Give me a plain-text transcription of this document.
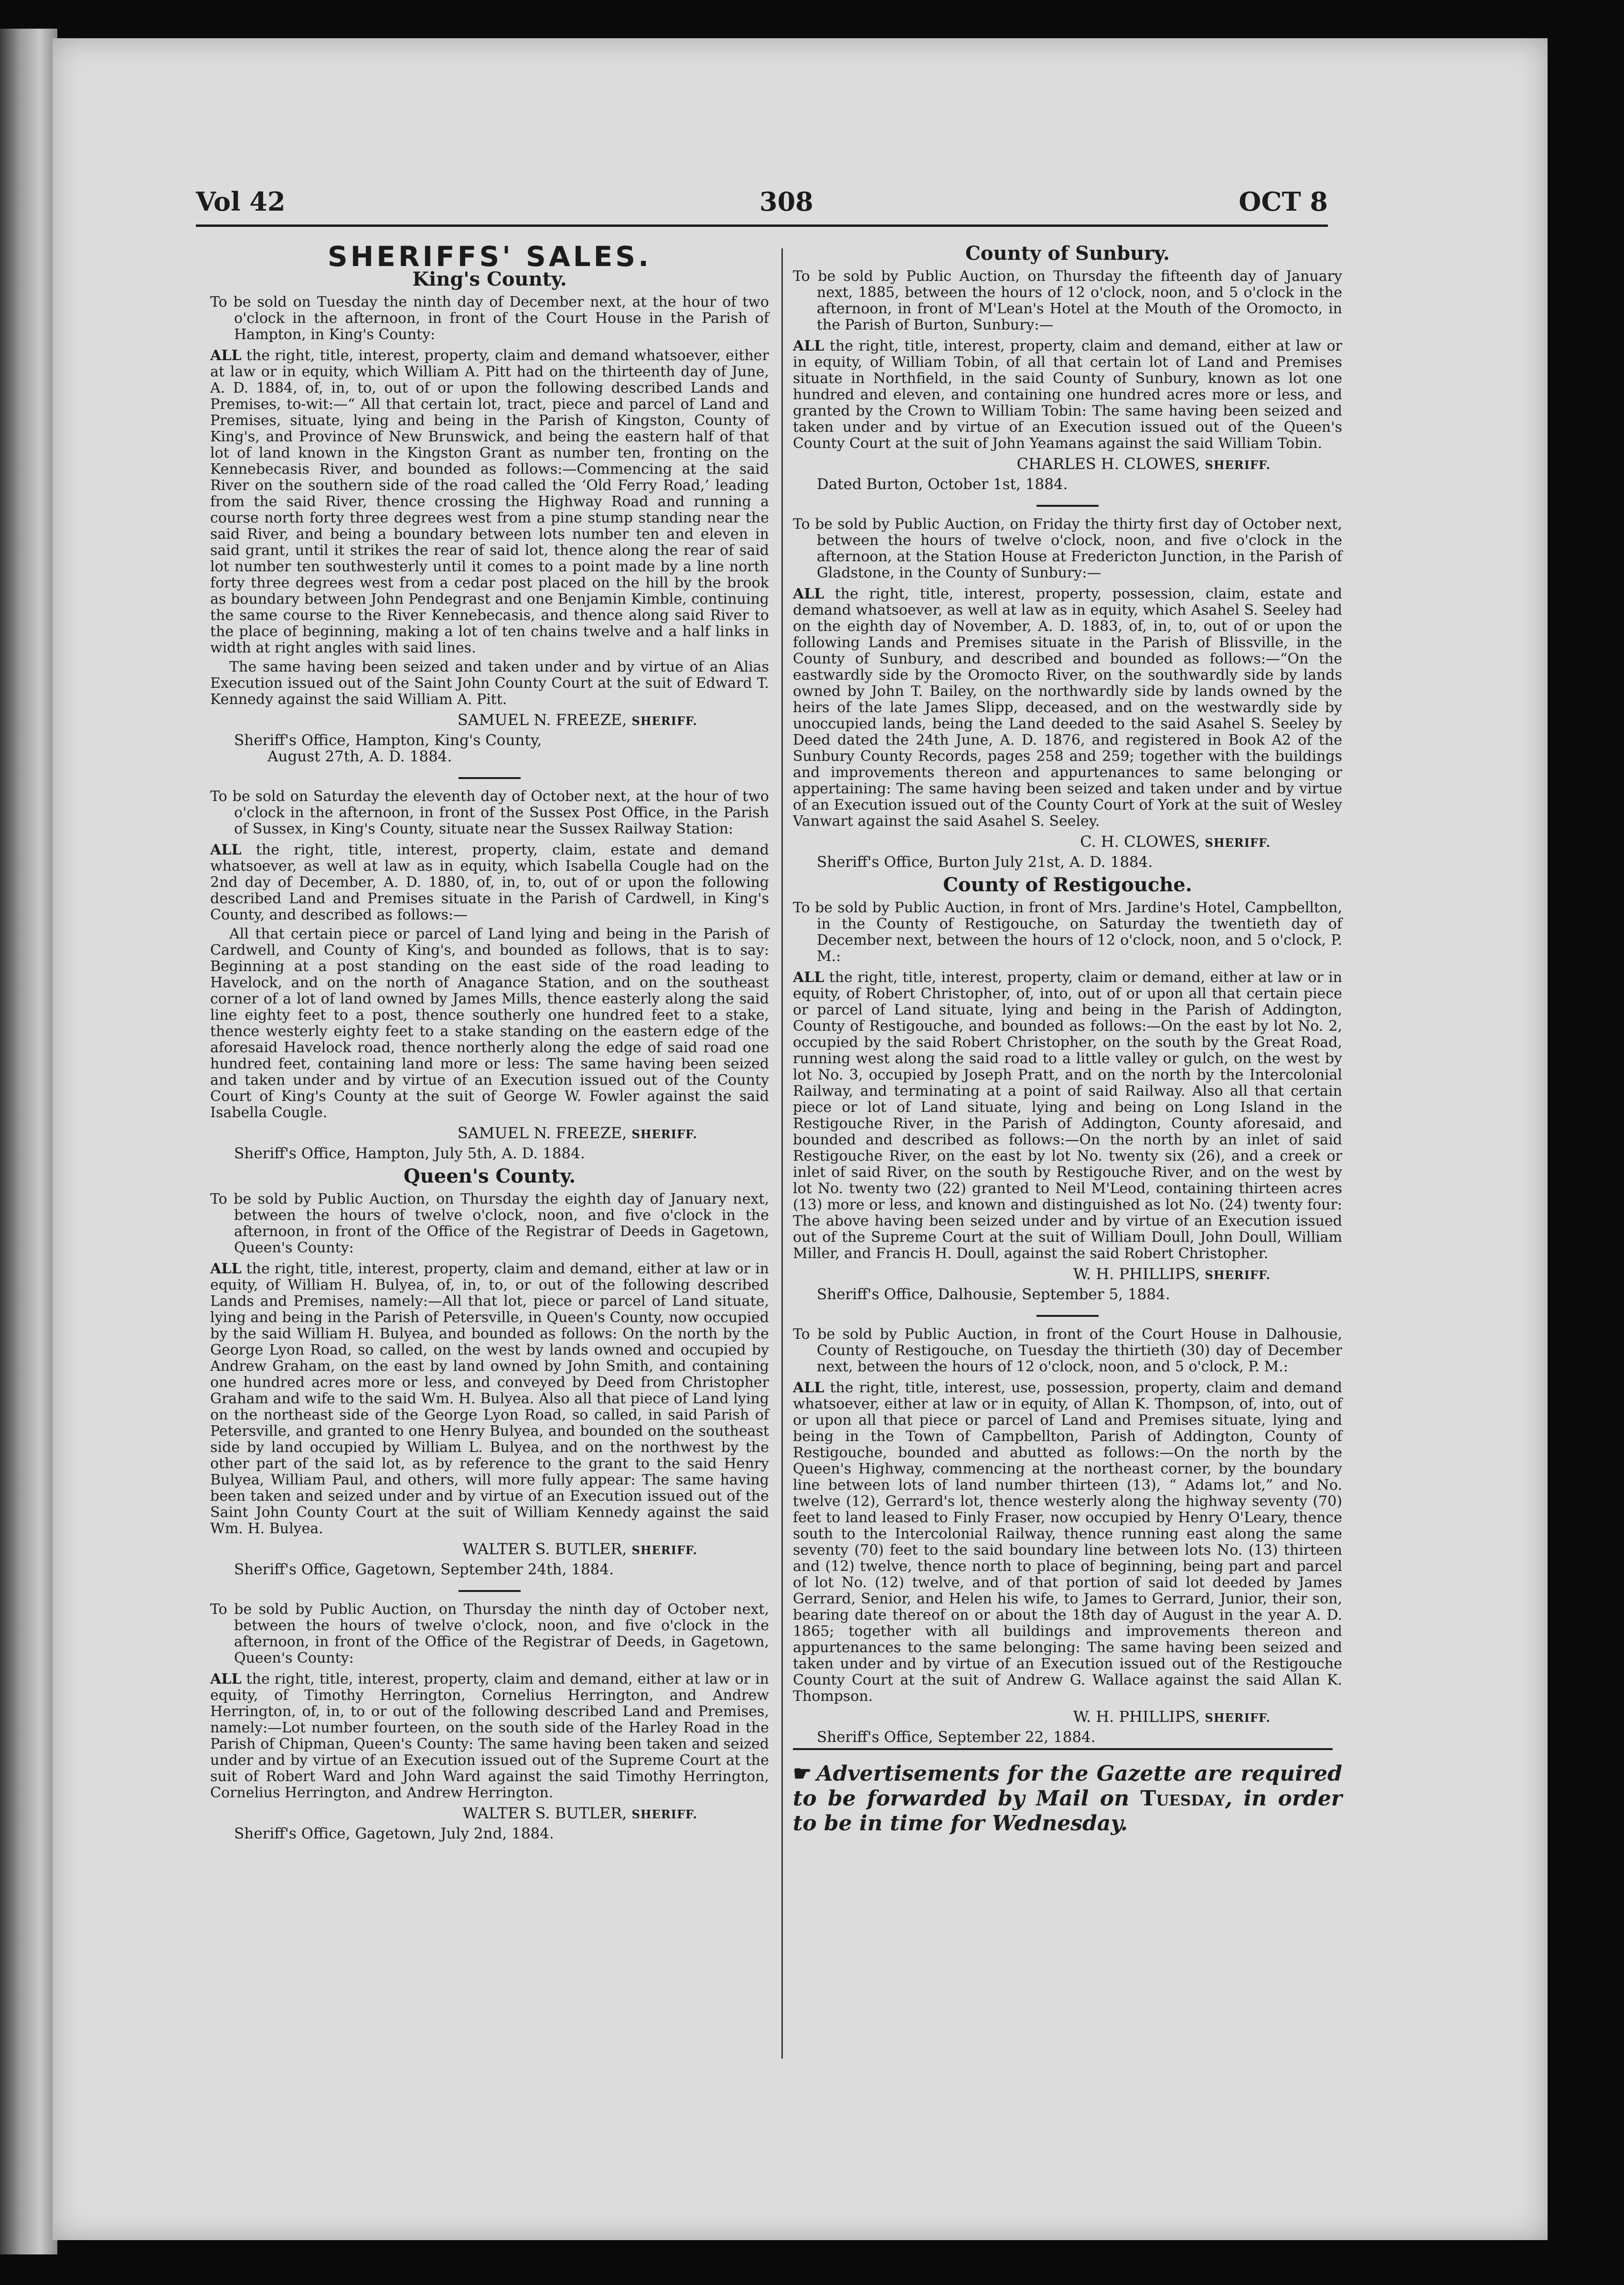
Vol 42	308	OCT 8
SHERIFFS' SALES.
King's County.

To be sold on Tuesday the ninth day of December next, at the hour of two o'clock in the afternoon, in front of the Court House in the Parish of Hampton, in King's County:

ALL the right, title, interest, property, claim and demand whatsoever, either at law or in equity, which William A. Pitt had on the thirteenth day of June, A. D. 1884, of, in, to, out of or upon the following described Lands and Premises, to-wit:—“ All that certain lot, tract, piece and parcel of Land and Premises, situate, lying and being in the Parish of Kingston, County of King's, and Province of New Brunswick, and being the eastern half of that lot of land known in the Kingston Grant as number ten, fronting on the Kennebecasis River, and bounded as follows:—Commencing at the said River on the southern side of the road called the ‘Old Ferry Road,’ leading from the said River, thence crossing the Highway Road and running a course north forty three degrees west from a pine stump standing near the said River, and being a boundary between lots number ten and eleven in said grant, until it strikes the rear of said lot, thence along the rear of said lot number ten southwesterly until it comes to a point made by a line north forty three degrees west from a cedar post placed on the hill by the brook as boundary between John Pendegrast and one Benjamin Kimble, continuing the same course to the River Kennebecasis, and thence along said River to the place of beginning, making a lot of ten chains twelve and a half links in width at right angles with said lines.

The same having been seized and taken under and by virtue of an Alias Execution issued out of the Saint John County Court at the suit of Edward T. Kennedy against the said William A. Pitt.

SAMUEL N. FREEZE, SHERIFF.
Sheriff's Office, Hampton, King's County,
August 27th, A. D. 1884.

To be sold on Saturday the eleventh day of October next, at the hour of two o'clock in the afternoon, in front of the Sussex Post Office, in the Parish of Sussex, in King's County, situate near the Sussex Railway Station:

ALL the right, title, interest, property, claim, estate and demand whatsoever, as well at law as in equity, which Isabella Cougle had on the 2nd day of December, A. D. 1880, of, in, to, out of or upon the following described Land and Premises situate in the Parish of Cardwell, in King's County, and described as follows:—

All that certain piece or parcel of Land lying and being in the Parish of Cardwell, and County of King's, and bounded as follows, that is to say: Beginning at a post standing on the east side of the road leading to Havelock, and on the north of Anagance Station, and on the southeast corner of a lot of land owned by James Mills, thence easterly along the said line eighty feet to a post, thence southerly one hundred feet to a stake, thence westerly eighty feet to a stake standing on the eastern edge of the aforesaid Havelock road, thence northerly along the edge of said road one hundred feet, containing land more or less: The same having been seized and taken under and by virtue of an Execution issued out of the County Court of King's County at the suit of George W. Fowler against the said Isabella Cougle.

SAMUEL N. FREEZE, SHERIFF.
Sheriff's Office, Hampton, July 5th, A. D. 1884.
Queen's County.

To be sold by Public Auction, on Thursday the eighth day of January next, between the hours of twelve o'clock, noon, and five o'clock in the afternoon, in front of the Office of the Registrar of Deeds in Gagetown, Queen's County:

ALL the right, title, interest, property, claim and demand, either at law or in equity, of William H. Bulyea, of, in, to, or out of the following described Lands and Premises, namely:—All that lot, piece or parcel of Land situate, lying and being in the Parish of Petersville, in Queen's County, now occupied by the said William H. Bulyea, and bounded as follows: On the north by the George Lyon Road, so called, on the west by lands owned and occupied by Andrew Graham, on the east by land owned by John Smith, and containing one hundred acres more or less, and conveyed by Deed from Christopher Graham and wife to the said Wm. H. Bulyea. Also all that piece of Land lying on the northeast side of the George Lyon Road, so called, in said Parish of Petersville, and granted to one Henry Bulyea, and bounded on the southeast side by land occupied by William L. Bulyea, and on the northwest by the other part of the said lot, as by reference to the grant to the said Henry Bulyea, William Paul, and others, will more fully appear: The same having been taken and seized under and by virtue of an Execution issued out of the Saint John County Court at the suit of William Kennedy against the said Wm. H. Bulyea.

WALTER S. BUTLER, SHERIFF.
Sheriff's Office, Gagetown, September 24th, 1884.

To be sold by Public Auction, on Thursday the ninth day of October next, between the hours of twelve o'clock, noon, and five o'clock in the afternoon, in front of the Office of the Registrar of Deeds, in Gagetown, Queen's County:

ALL the right, title, interest, property, claim and demand, either at law or in equity, of Timothy Herrington, Cornelius Herrington, and Andrew Herrington, of, in, to or out of the following described Land and Premises, namely:—Lot number fourteen, on the south side of the Harley Road in the Parish of Chipman, Queen's County: The same having been taken and seized under and by virtue of an Execution issued out of the Supreme Court at the suit of Robert Ward and John Ward against the said Timothy Herrington, Cornelius Herrington, and Andrew Herrington.

WALTER S. BUTLER, SHERIFF.
Sheriff's Office, Gagetown, July 2nd, 1884.
County of Sunbury.

To be sold by Public Auction, on Thursday the fifteenth day of January next, 1885, between the hours of 12 o'clock, noon, and 5 o'clock in the afternoon, in front of M'Lean's Hotel at the Mouth of the Oromocto, in the Parish of Burton, Sunbury:—

ALL the right, title, interest, property, claim and demand, either at law or in equity, of William Tobin, of all that certain lot of Land and Premises situate in Northfield, in the said County of Sunbury, known as lot one hundred and eleven, and containing one hundred acres more or less, and granted by the Crown to William Tobin: The same having been seized and taken under and by virtue of an Execution issued out of the Queen's County Court at the suit of John Yeamans against the said William Tobin.

CHARLES H. CLOWES, SHERIFF.
Dated Burton, October 1st, 1884.

To be sold by Public Auction, on Friday the thirty first day of October next, between the hours of twelve o'clock, noon, and five o'clock in the afternoon, at the Station House at Fredericton Junction, in the Parish of Gladstone, in the County of Sunbury:—

ALL the right, title, interest, property, possession, claim, estate and demand whatsoever, as well at law as in equity, which Asahel S. Seeley had on the eighth day of November, A. D. 1883, of, in, to, out of or upon the following Lands and Premises situate in the Parish of Blissville, in the County of Sunbury, and described and bounded as follows:—“On the eastwardly side by the Oromocto River, on the southwardly side by lands owned by John T. Bailey, on the northwardly side by lands owned by the heirs of the late James Slipp, deceased, and on the westwardly side by unoccupied lands, being the Land deeded to the said Asahel S. Seeley by Deed dated the 24th June, A. D. 1876, and registered in Book A2 of the Sunbury County Records, pages 258 and 259; together with the buildings and improvements thereon and appurtenances to same belonging or appertaining: The same having been seized and taken under and by virtue of an Execution issued out of the County Court of York at the suit of Wesley Vanwart against the said Asahel S. Seeley.

C. H. CLOWES, SHERIFF.
Sheriff's Office, Burton July 21st, A. D. 1884.
County of Restigouche.

To be sold by Public Auction, in front of Mrs. Jardine's Hotel, Campbellton, in the County of Restigouche, on Saturday the twentieth day of December next, between the hours of 12 o'clock, noon, and 5 o'clock, P. M.:

ALL the right, title, interest, property, claim or demand, either at law or in equity, of Robert Christopher, of, into, out of or upon all that certain piece or parcel of Land situate, lying and being in the Parish of Addington, County of Restigouche, and bounded as follows:—On the east by lot No. 2, occupied by the said Robert Christopher, on the south by the Great Road, running west along the said road to a little valley or gulch, on the west by lot No. 3, occupied by Joseph Pratt, and on the north by the Intercolonial Railway, and terminating at a point of said Railway. Also all that certain piece or lot of Land situate, lying and being on Long Island in the Restigouche River, in the Parish of Addington, County aforesaid, and bounded and described as follows:—On the north by an inlet of said Restigouche River, on the east by lot No. twenty six (26), and a creek or inlet of said River, on the south by Restigouche River, and on the west by lot No. twenty two (22) granted to Neil M'Leod, containing thirteen acres (13) more or less, and known and distinguished as lot No. (24) twenty four: The above having been seized under and by virtue of an Execution issued out of the Supreme Court at the suit of William Doull, John Doull, William Miller, and Francis H. Doull, against the said Robert Christopher.

W. H. PHILLIPS, SHERIFF.
Sheriff's Office, Dalhousie, September 5, 1884.

To be sold by Public Auction, in front of the Court House in Dalhousie, County of Restigouche, on Tuesday the thirtieth (30) day of December next, between the hours of 12 o'clock, noon, and 5 o'clock, P. M.:

ALL the right, title, interest, use, possession, property, claim and demand whatsoever, either at law or in equity, of Allan K. Thompson, of, into, out of or upon all that piece or parcel of Land and Premises situate, lying and being in the Town of Campbellton, Parish of Addington, County of Restigouche, bounded and abutted as follows:—On the north by the Queen's Highway, commencing at the northeast corner, by the boundary line between lots of land number thirteen (13), “ Adams lot,” and No. twelve (12), Gerrard's lot, thence westerly along the highway seventy (70) feet to land leased to Finly Fraser, now occupied by Henry O'Leary, thence south to the Intercolonial Railway, thence running east along the same seventy (70) feet to the said boundary line between lots No. (13) thirteen and (12) twelve, thence north to place of beginning, being part and parcel of lot No. (12) twelve, and of that portion of said lot deeded by James Gerrard, Senior, and Helen his wife, to James to Gerrard, Junior, their son, bearing date thereof on or about the 18th day of August in the year A. D. 1865; together with all buildings and improvements thereon and appurtenances to the same belonging: The same having been seized and taken under and by virtue of an Execution issued out of the Restigouche County Court at the suit of Andrew G. Wallace against the said Allan K. Thompson.

W. H. PHILLIPS, SHERIFF.
Sheriff's Office, September 22, 1884.
☛ Advertisements for the Gazette are required to be forwarded by Mail on Tuesday, in order to be in time for Wednesday.
